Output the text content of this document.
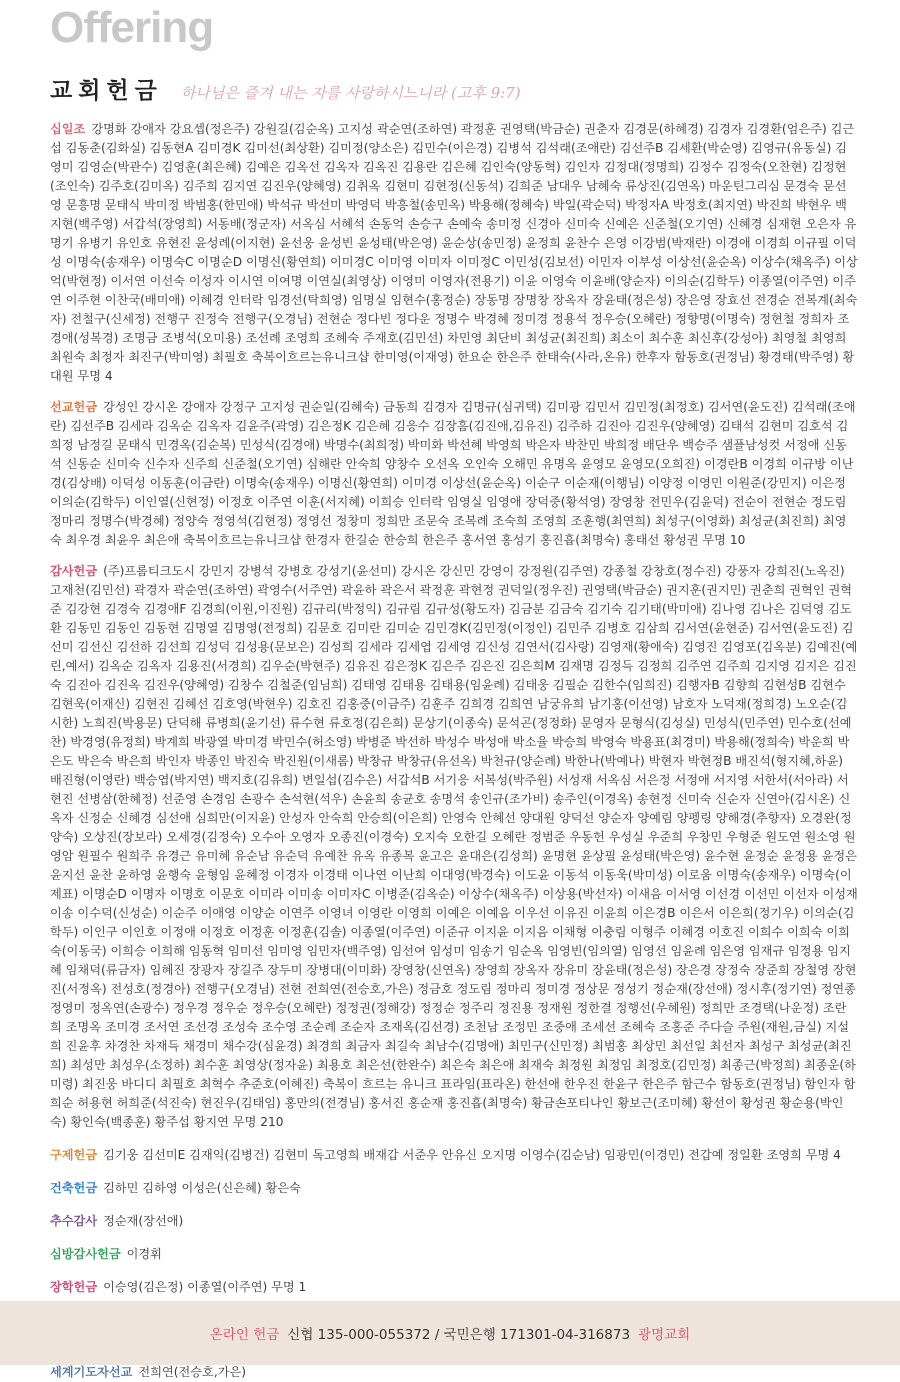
Offering
교회헌금 하나님은 즐겨 내는 자를 사랑하시느니라 (고후 9:7)

십일조 강명화 강애자 강요셉(정은주) 강원길(김순옥) 고지성 곽순연(조하연) 곽정훈 권영택(박금순) 권춘자 김경문(하혜경) 김경자 김경환(엄은주) 김근섭 김동춘(김화실) 김동현A 김미경K 김미선(최상환) 김미정(양소은) 김민수(이은경) 김병석 김석래(조애란) 김선주B 김세환(박순영) 김영규(유동실) 김영미 김영순(박관수) 김영훈(최은혜) 김예은 김옥선 김옥자 김옥진 김용란 김은혜 김인숙(양동혁) 김인자 김정대(정명희) 김정수 김정숙(오찬현) 김정현(조인숙) 김주호(김미옥) 김주희 김지연 김진우(양혜영) 김취옥 김현미 김현정(신동석) 김희준 남대우 남혜숙 류상진(김연옥) 마운틴그리심 문경숙 문선영 문흥명 문태식 박미정 박범홍(한민애) 박석규 박선미 박영덕 박흥철(송민옥) 박용해(정혜숙) 박일(곽순덕) 박정자A 박정호(최지연) 박진희 박현우 백지현(백주영) 서갑석(장영희) 서동배(정군자) 서옥심 서혜석 손동억 손승구 손예숙 송미정 신경아 신미숙 신예은 신준철(오기연) 신혜경 심재현 오은자 유명기 유병기 유인호 유현진 윤성례(이지현) 윤선웅 윤성빈 윤성태(박은영) 윤순상(송민정) 윤정희 윤찬수 은영 이강범(박재란) 이경애 이경희 이규필 이덕성 이명숙(송재우) 이명숙C 이명순D 이명신(황연희) 이미경C 이미영 이미자 이미정C 이민성(김보선) 이민자 이부성 이상선(윤순옥) 이상수(채옥주) 이상억(박현정) 이서연 이선숙 이성자 이시연 이여명 이연실(최영상) 이영미 이영자(전용기) 이윤 이영숙 이윤배(양순자) 이의순(김학두) 이종열(이주연) 이주연 이주현 이찬국(배미애) 이혜경 인터락 임경선(탁희영) 임명실 임현수(홍정순) 장동명 장명창 장옥자 장윤태(정은성) 장은영 장효선 전경순 전복계(최숙자) 전철구(신세정) 전행구 진정숙 전행구(오경님) 전현순 정다빈 정다운 정명수 박경혜 정미경 정용석 정우승(오혜란) 정향명(이명숙) 정현철 정희자 조경애(성복경) 조명금 조병석(오미용) 조선례 조영희 조혜숙 주재호(김민선) 차민영 최단비 최성균(최진희) 최소이 최수훈 최신후(강성아) 최영철 최영희 최원숙 최정자 최진구(박미영) 최필호 축복이흐르는유니크샵 한미영(이재영) 한요순 한은주 한태숙(사라,온유) 한후자 함동호(권정님) 황경태(박주영) 황대원 무명 4

선교헌금 강성인 강시온 강애자 강정구 고지성 권순일(김혜숙) 금동희 김경자 김명규(심귀택) 김미광 김민서 김민정(최정호) 김서연(윤도진) 김석래(조애란) 김선주B 김세라 김옥순 김옥자 김윤주(곽영) 김은정K 김은혜 김응수 김장흠(김진애,김유진) 김주하 김진아 김진우(양혜영) 김태석 김현미 김호석 김희정 남정길 문태식 민경옥(김순복) 민성식(김경애) 박명수(최희정) 박미화 박선혜 박영희 박은자 박찬민 박희정 배단우 백승주 샘플남성컷 서정애 신동석 신동순 신미숙 신수자 신주희 신준철(오기연) 심해란 안숙희 양창수 오선옥 오인숙 오해민 유명옥 윤영모 윤영모(오희진) 이경란B 이경희 이규방 이난경(김상배) 이덕성 이동훈(이금란) 이명숙(송재우) 이명신(황연희) 이미경 이상선(윤순옥) 이순구 이순재(이행님) 이양정 이영민 이원준(강민지) 이은정 이의순(김학두) 이인열(신현정) 이정호 이주연 이훈(서지혜) 이희승 인터락 임영실 임영애 장덕중(황석영) 장영창 전민우(김윤덕) 전순이 전현순 정도림 정마리 정명수(박경혜) 정양숙 정영석(김현정) 정영선 정창미 정희만 조문숙 조복례 조숙희 조영희 조훈행(최연희) 최성구(이영화) 최성균(최진희) 최영숙 최우경 최윤우 최은애 축복이흐르는유니크샵 한경자 한길순 한승희 한은주 홍서연 홍성기 홍진흡(최명숙) 홍태선 황성권 무명 10

감사헌금 (주)프롬티크도시 강민지 강병석 강병호 강성기(윤선미) 강시온 강신민 강영이 강정원(김주연) 강종철 강창호(정수진) 강풍자 강희진(노옥진) 고재천(김민선) 곽경자 곽순연(조하연) 곽영수(서주연) 곽윤하 곽은서 곽정훈 곽현정 권덕일(정우진) 권영택(박금순) 권지훈(권지민) 권춘희 권혁인 권혁준 김강현 김경숙 김경애F 김경희(이원,이진원) 김규리(박정익) 김규림 김규성(황도자) 김금분 김금숙 김기숙 김기태(박미애) 김나영 김나은 김덕영 김도환 김동민 김동인 김동현 김명열 김명영(전정희) 김문호 김미란 김미순 김민경K(김민정(이정인) 김민주 김병호 김삼희 김서연(윤현준) 김서연(윤도진) 김선미 김선신 김선하 김선희 김성덕 김성용(문보은) 김성희 김세라 김세엽 김세영 김신성 김연서(김사랑) 김영재(황애숙) 김영진 김영포(김옥분) 김예진(예린,예서) 김옥순 김옥자 김용진(서경희) 김우순(박현주) 김유진 김은정K 김은주 김은진 김은희M 김재명 김정득 김정희 김주연 김주희 김지영 김지은 김진숙 김진아 김진옥 김진우(양혜영) 김창수 김철준(임님희) 김태영 김태용 김태용(임윤례) 김태웅 김필순 김한수(임희진) 김행자B 김향희 김현성B 김현수 김현욱(이재신) 김현진 김혜선 김호영(박현우) 김호진 김홍중(이금주) 김훈주 김희경 김희연 남궁유희 남기홍(이선영) 남호자 노덕재(정희경) 노오순(김시한) 노희진(박용문) 단덕해 류병희(윤기선) 류수현 류호정(김은희) 문상기(이종숙) 문석곤(정정화) 문영자 문형식(김성실) 민성식(민주연) 민수호(선예찬) 박경영(유정희) 박계희 박광열 박미경 박민수(허소영) 박병준 박선하 박성수 박성애 박소율 박승희 박영숙 박용표(최경미) 박용해(정희숙) 박운희 박은도 박은숙 박은희 박인자 박종인 박진숙 박진원(이새롬) 박창규 박창규(유선옥) 박천규(양순례) 박한나(박예나) 박현자 박현정B 배진석(형지혜,하윤) 배진형(이영란) 백승엽(박지연) 백지호(김유희) 변일섭(김수은) 서갑석B 서기응 서복성(박주원) 서성재 서옥심 서은정 서정애 서지영 서한서(서아라) 서현진 선병삼(한혜정) 선준영 손경임 손광수 손석현(석우) 손윤희 송균호 송명석 송인규(조가비) 송주인(이경옥) 송현정 신미숙 신순자 신연아(김시온) 신옥자 신정순 신혜경 심선애 심희만(이지윤) 안성자 안숙희 안승희(이은희) 안영숙 안혜선 양대원 양덕선 양순자 양예림 양펭링 양해경(추향자) 오경완(정양숙) 오상진(장보라) 오세경(김정숙) 오수아 오영자 오종진(이경숙) 오지숙 오한길 오혜란 정범준 우동헌 우성실 우준희 우창민 우형준 원도연 원소영 원영암 원필수 원희주 유경근 유미혜 유순남 유순덕 유예찬 유옥 유종복 윤고은 윤대은(김성희) 윤명현 윤상필 윤성태(박은영) 윤수현 윤정순 윤정용 윤정은 윤지선 윤찬 윤하영 윤행숙 윤형임 윤혜정 이경자 이경태 이나연 이난희 이대영(박경숙) 이도윤 이동석 이동욱(박미성) 이로움 이명숙(송재우) 이명숙(이제표) 이명순D 이명자 이명호 이문호 이미라 이미송 이미자C 이병준(김옥순) 이상수(채옥주) 이상용(박선자) 이새음 이서영 이선경 이선민 이선자 이성재 이송 이수덕(신성순) 이순주 이애영 이양순 이연주 이영녀 이영란 이영희 이예은 이예음 이우선 이유진 이윤희 이은경B 이은서 이은희(정기우) 이의순(김학두) 이인구 이인호 이정애 이정호 이정훈 이정훈(김솔) 이종열(이주연) 이준규 이지윤 이지음 이채형 이충림 이형주 이혜경 이호진 이희수 이희숙 이희숙(이동국) 이희승 이희해 임동혁 임미선 임미영 임민자(백주영) 임선여 임성미 임송기 임순옥 임영빈(임의열) 임영선 임윤례 임은영 임재규 임정용 임지혜 임채덕(류금자) 임혜진 장광자 장길주 장두미 장병대(이미화) 장영창(신연옥) 장영희 장옥자 장유미 장윤태(정은성) 장은경 장정숙 장준희 장철영 장현진(서정옥) 전성호(정경아) 전행구(오경님) 전현 전희연(전승호,가은) 정금호 정도림 정마리 정미경 정상문 정성기 정순재(장선애) 정시후(정기연) 정연종 정영미 정옥연(손광수) 정우경 정우순 정우승(오혜란) 정정권(정해강) 정정순 정주리 정진용 정재원 정한결 정행선(우혜원) 정희만 조경택(나운정) 조란희 조명옥 조미경 조서연 조선경 조성숙 조수영 조순례 조순자 조재옥(김선경) 조천남 조정민 조중애 조세선 조혜숙 조홍준 주다슬 주원(재원,금실) 지설희 진윤후 차경찬 차재득 채경미 채수강(심윤경) 최경희 최금자 최길숙 최남수(김명애) 최민구(신민정) 최범홍 최상민 최선일 최선자 최성구 최성균(최진희) 최성만 최성우(소정하) 최수훈 최영상(정자윤) 최용호 최은선(한완수) 최은숙 최은애 최재숙 최정원 최정임 최정호(김민정) 최종근(박정희) 최종운(하미령) 최진웅 바디디 최필호 최혁수 추준호(이혜진) 축복이 흐르는 유니크 표라임(표라온) 한선애 한우진 한윤구 한은주 함근수 함동호(권정님) 함인자 함희순 허용현 허희준(석진숙) 현진우(김태임) 홍만의(전경님) 홍서진 홍순재 홍진흡(최명숙) 황금손포티나인 황보근(조미혜) 황선이 황성권 황순용(박인숙) 황인숙(백종훈) 황주섭 황지연 무명 210

구제헌금 김기웅 김선미E 김재익(김병건) 김현미 독고영희 배재갑 서준우 안유신 오지명 이영수(김순남) 임광민(이경민) 전갑예 정일환 조영희 무명 4

건축헌금 김하민 김하영 이성은(신은혜) 황은숙

추수감사 정순재(장선애)

심방감사헌금 이경휘

장학헌금 이승영(김은정) 이종열(이주연) 무명 1

세계기도자선교 전희연(전승호,가은)

온라인 헌금 신협 135-000-055372 / 국민은행 171301-04-316873 광명교회
